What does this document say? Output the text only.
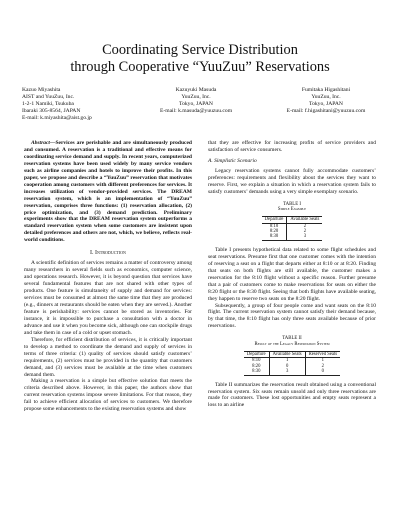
Coordinating Service Distribution
through Cooperative “YuuZuu” Reservations
Kazuo Miyashita
AIST and YuuZuu, Inc.
1-2-1 Namiki, Tsukuba
Ibaraki 305-8564, JAPAN
E-mail: k.miyashita@aist.go.jp
Kazuyuki Masuda
YuuZuu, Inc.
Tokyo, JAPAN
E-mail: k.masuda@yuuzuu.com
Fumitaka Higashitani
YuuZuu, Inc.
Tokyo, JAPAN
E-mail: f.higashitani@yuuzuu.com

Abstract—Services are perishable and are simultaneously produced and consumed. A reservation is a traditional and effective means for coordinating service demand and supply. In recent years, computerized reservation systems have been used widely by many service vendors such as airline companies and hotels to improve their profits. In this paper, we propose and describe a “YuuZuu” reservation that motivates cooperation among customers with different preferences for services. It increases utilization of vendor-provided services. The DREAM reservation system, which is an implementation of “YuuZuu” reservation, comprises three functions: (1) reservation allocation, (2) price optimization, and (3) demand prediction. Preliminary experiments show that the DREAM reservation system outperforms a standard reservation system when some customers are insistent upon detailed preferences and others are not, which, we believe, reflects real-world conditions.

I. Introduction

A scientific definition of services remains a matter of controversy among many researchers in several fields such as economics, computer science, and operations research. However, it is beyond question that services have several fundamental features that are not shared with other types of products. One feature is simultaneity of supply and demand for services: services must be consumed at almost the same time that they are produced (e.g., dinners at restaurants should be eaten when they are served.). Another feature is perishability: services cannot be stored as inventories. For instance, it is impossible to purchase a consultation with a doctor in advance and use it when you become sick, although one can stockpile drugs and take them in case of a cold or upset stomach.

Therefore, for efficient distribution of services, it is critically important to develop a method to coordinate the demand and supply of services in terms of three criteria: (1) quality of services should satisfy customers’ requirements, (2) services must be provided in the quantity that customers demand, and (3) services must be available at the time when customers demand them.

Making a reservation is a simple but effective solution that meets the criteria described above. However, in this paper, the authors show that current reservation systems impose severe limitations. For that reason, they fail to achieve efficient allocation of services to customers. We therefore propose some enhancements to the existing reservation systems and show

that they are effective for increasing profits of service providers and satisfaction of service consumers.

A. Simplistic Scenario

Legacy reservation systems cannot fully accommodate customers’ preferences: requirements and flexibility about the services they want to reserve. First, we explain a situation in which a reservation system fails to satisfy customers’ demands using a very simple exemplary scenario.

TABLE I
Simple Example
Departure	Available Seats
8:10	2
8:20	2
8:30	3

Table I presents hypothetical data related to some flight schedules and seat reservations. Presume first that one customer comes with the intention of reserving a seat on a flight that departs either at 8:10 or at 8:20. Finding that seats on both flights are still available, the customer makes a reservation for the 8:10 flight without a specific reason. Further presume that a pair of customers come to make reservations for seats on either the 8:20 flight or the 8:30 flight. Seeing that both flights have available seating, they happen to reserve two seats on the 8:20 flight.

Subsequently, a group of four people come and want seats on the 8:10 flight. The current reservation system cannot satisfy their demand because, by that time, the 8:10 flight has only three seats available because of prior reservations.

TABLE II
Result of the Legacy Reservation System
Departure	Available Seats	Reserved Seats
8:10	1	1
8:20	0	2
8:30	3	0

Table II summarizes the reservation result obtained using a conventional reservation system. Six seats remain unsold and only three reservations are made for customers. These lost opportunities and empty seats represent a loss to an airline
